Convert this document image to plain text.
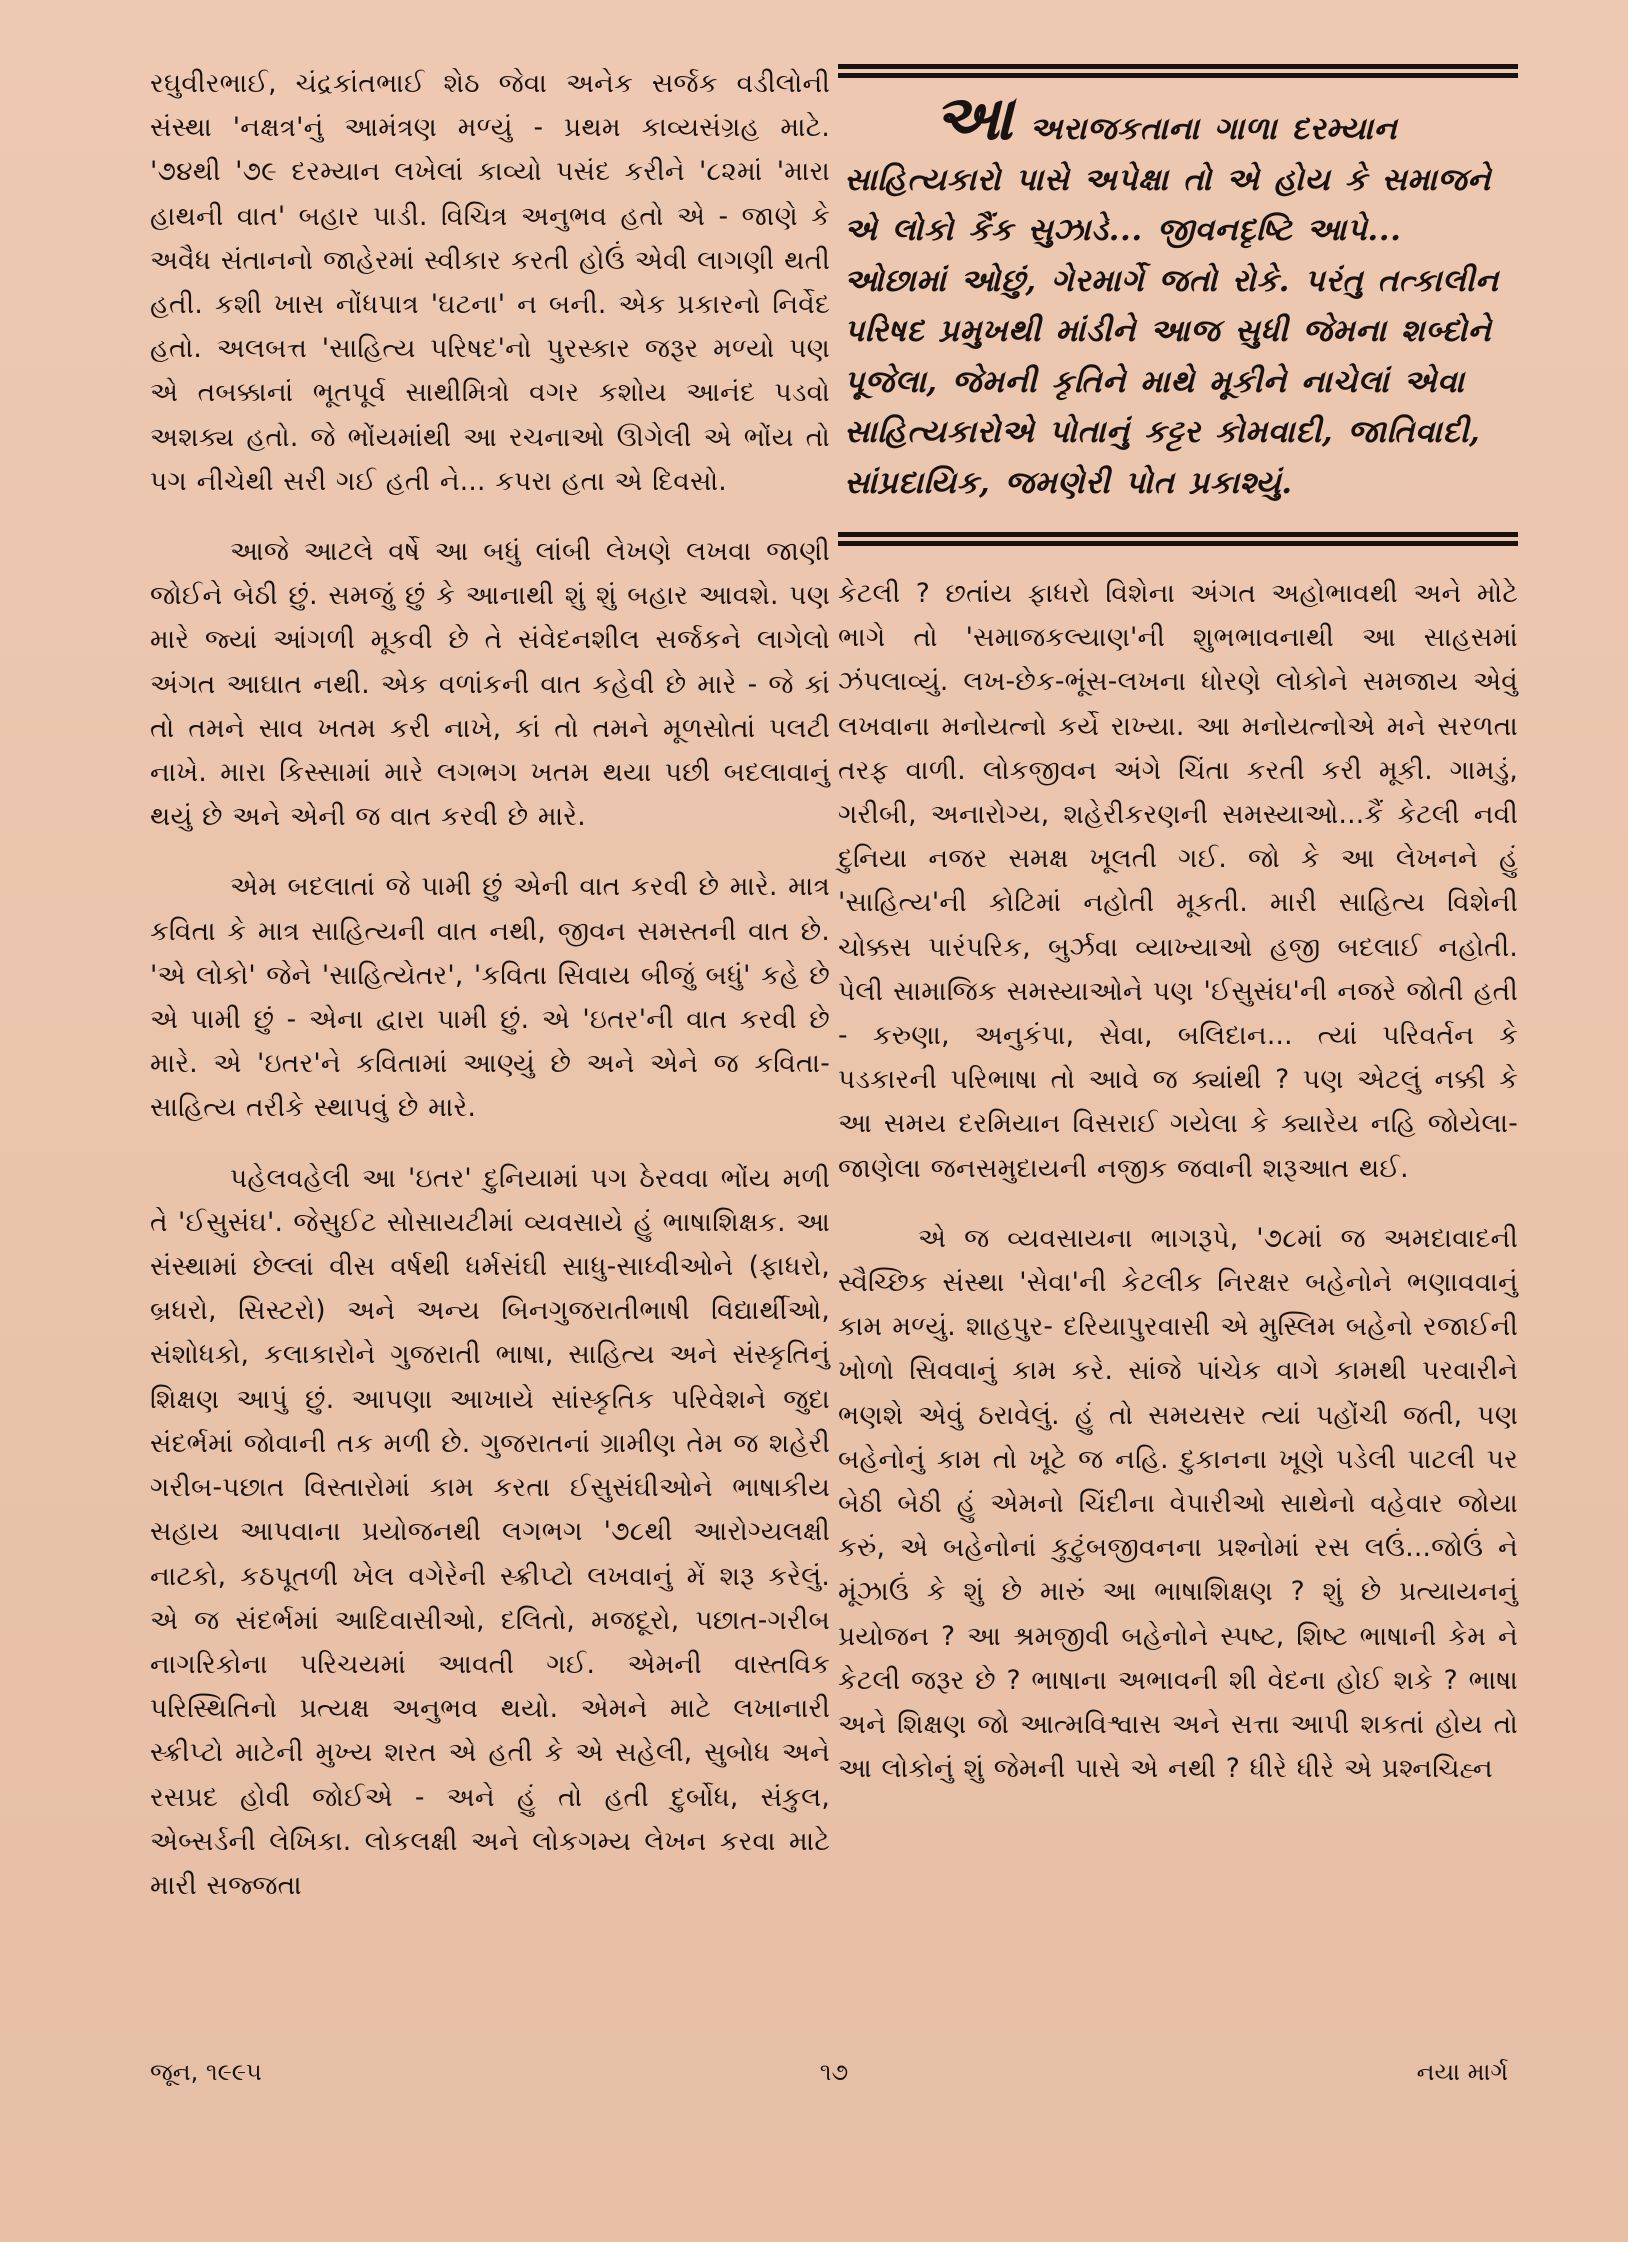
રઘુવીરભાઈ, ચંદ્રકાંતભાઈ શેઠ જેવા અનેક સર્જક વડીલોની સંસ્થા 'નક્ષત્ર'નું આમંત્રણ મળ્યું - પ્રથમ કાવ્યસંગ્રહ માટે. '૭૪થી '૭૯ દરમ્યાન લખેલાં કાવ્યો પસંદ કરીને '૮૨માં 'મારા હાથની વાત' બહાર પાડી. વિચિત્ર અનુભવ હતો એ - જાણે કે અવૈધ સંતાનનો જાહેરમાં સ્વીકાર કરતી હોઉં એવી લાગણી થતી હતી. કશી ખાસ નોંધપાત્ર 'ઘટના' ન બની. એક પ્રકારનો નિર્વેદ હતો. અલબત્ત 'સાહિત્ય પરિષદ'નો પુરસ્કાર જરૂર મળ્યો પણ એ તબક્કાનાં ભૂતપૂર્વ સાથીમિત્રો વગર કશોય આનંદ પડવો અશક્ય હતો. જે ભોંયમાંથી આ રચનાઓ ઊગેલી એ ભોંય તો પગ નીચેથી સરી ગઈ હતી ને... કપરા હતા એ દિવસો.

આજે આટલે વર્ષે આ બધું લાંબી લેખણે લખવા જાણી જોઈને બેઠી છું. સમજું છું કે આનાથી શું શું બહાર આવશે. પણ મારે જ્યાં આંગળી મૂકવી છે તે સંવેદનશીલ સર્જકને લાગેલો અંગત આઘાત નથી. એક વળાંકની વાત કહેવી છે મારે - જે કાં તો તમને સાવ ખતમ કરી નાખે, કાં તો તમને મૂળસોતાં પલટી નાખે. મારા કિસ્સામાં મારે લગભગ ખતમ થયા પછી બદલાવાનું થયું છે અને એની જ વાત કરવી છે મારે.

એમ બદલાતાં જે પામી છું એની વાત કરવી છે મારે. માત્ર કવિતા કે માત્ર સાહિત્યની વાત નથી, જીવન સમસ્તની વાત છે. 'એ લોકો' જેને 'સાહિત્યેતર', 'કવિતા સિવાય બીજું બધું' કહે છે એ પામી છું - એના દ્વારા પામી છું. એ 'ઇતર'ની વાત કરવી છે મારે. એ 'ઇતર'ને કવિતામાં આણ્યું છે અને એને જ કવિતા-સાહિત્ય તરીકે સ્થાપવું છે મારે.

પહેલવહેલી આ 'ઇતર' દુનિયામાં પગ ઠેરવવા ભોંય મળી તે 'ઈસુસંઘ'. જેસુઈટ સોસાયટીમાં વ્યવસાયે હું ભાષાશિક્ષક. આ સંસ્થામાં છેલ્લાં વીસ વર્ષથી ધર્મસંઘી સાધુ-સાધ્વીઓને (ફાધરો, બ્રધરો, સિસ્ટરો) અને અન્ય બિનગુજરાતીભાષી વિદ્યાર્થીઓ, સંશોધકો, કલાકારોને ગુજરાતી ભાષા, સાહિત્ય અને સંસ્કૃતિનું શિક્ષણ આપું છું. આપણા આખાયે સાંસ્કૃતિક પરિવેશને જુદા સંદર્ભમાં જોવાની તક મળી છે. ગુજરાતનાં ગ્રામીણ તેમ જ શહેરી ગરીબ-પછાત વિસ્તારોમાં કામ કરતા ઈસુસંઘીઓને ભાષાકીય સહાય આપવાના પ્રયોજનથી લગભગ '૭૮થી આરોગ્યલક્ષી નાટકો, કઠપૂતળી ખેલ વગેરેની સ્ક્રીપ્ટો લખવાનું મેં શરૂ કરેલું. એ જ સંદર્ભમાં આદિવાસીઓ, દલિતો, મજદૂરો, પછાત-ગરીબ નાગરિકોના પરિચયમાં આવતી ગઈ. એમની વાસ્તવિક પરિસ્થિતિનો પ્રત્યક્ષ અનુભવ થયો. એમને માટે લખાનારી સ્ક્રીપ્ટો માટેની મુખ્ય શરત એ હતી કે એ સહેલી, સુબોધ અને રસપ્રદ હોવી જોઈએ - અને હું તો હતી દુર્બોધ, સંકુલ, એબ્સર્ડની લેખિકા. લોકલક્ષી અને લોકગમ્ય લેખન કરવા માટે મારી સજ્જતા

આઅરાજકતાના ગાળા દરમ્યાન સાહિત્યકારો પાસે અપેક્ષા તો એ હોય કે સમાજને એ લોકો કૈંક સુઝાડે... જીવનદૃષ્ટિ આપે... ઓછામાં ઓછું, ગેરમાર્ગે જતો રોકે. પરંતુ તત્કાલીન પરિષદ પ્રમુખથી માંડીને આજ સુધી જેમના શબ્દોને પૂજેલા, જેમની કૃતિને માથે મૂકીને નાચેલાં એવા સાહિત્યકારોએ પોતાનું કટ્ટર કોમવાદી, જાતિવાદી, સાંપ્રદાયિક, જમણેરી પોત પ્રકાશ્યું.

કેટલી ? છતાંય ફાધરો વિશેના અંગત અહોભાવથી અને મોટે ભાગે તો 'સમાજકલ્યાણ'ની શુભભાવનાથી આ સાહસમાં ઝંપલાવ્યું. લખ-છેક-ભૂંસ-લખના ધોરણે લોકોને સમજાય એવું લખવાના મનોયત્નો કર્યે રાખ્યા. આ મનોયત્નોએ મને સરળતા તરફ વાળી. લોકજીવન અંગે ચિંતા કરતી કરી મૂકી. ગામડું, ગરીબી, અનારોગ્ય, શહેરીકરણની સમસ્યાઓ...કૈં કેટલી નવી દુનિયા નજર સમક્ષ ખૂલતી ગઈ. જો કે આ લેખનને હું 'સાહિત્ય'ની કોટિમાં નહોતી મૂકતી. મારી સાહિત્ય વિશેની ચોક્કસ પારંપરિક, બુર્ઝવા વ્યાખ્યાઓ હજી બદલાઈ નહોતી. પેલી સામાજિક સમસ્યાઓને પણ 'ઈસુસંઘ'ની નજરે જોતી હતી - કરુણા, અનુકંપા, સેવા, બલિદાન... ત્યાં પરિવર્તન કે પડકારની પરિભાષા તો આવે જ ક્યાંથી ? પણ એટલું નક્કી કે આ સમય દરમિયાન વિસરાઈ ગયેલા કે ક્યારેય નહિ જોયેલા-જાણેલા જનસમુદાયની નજીક જવાની શરૂઆત થઈ.

એ જ વ્યવસાયના ભાગરૂપે, '૭૮માં જ અમદાવાદની સ્વૈચ્છિક સંસ્થા 'સેવા'ની કેટલીક નિરક્ષર બહેનોને ભણાવવાનું કામ મળ્યું. શાહપુર- દરિયાપુરવાસી એ મુસ્લિમ બહેનો રજાઈની ખોળો સિવવાનું કામ કરે. સાંજે પાંચેક વાગે કામથી પરવારીને ભણશે એવું ઠરાવેલું. હું તો સમયસર ત્યાં પહોંચી જતી, પણ બહેનોનું કામ તો ખૂટે જ નહિ. દુકાનના ખૂણે પડેલી પાટલી પર બેઠી બેઠી હું એમનો ચિંદીના વેપારીઓ સાથેનો વહેવાર જોયા કરું, એ બહેનોનાં કુટુંબજીવનના પ્રશ્નોમાં રસ લઉં...જોઉં ને મૂંઝાઉં કે શું છે મારું આ ભાષાશિક્ષણ ? શું છે પ્રત્યાયનનું પ્રયોજન ? આ શ્રમજીવી બહેનોને સ્પષ્ટ, શિષ્ટ ભાષાની કેમ ને કેટલી જરૂર છે ? ભાષાના અભાવની શી વેદના હોઈ શકે ? ભાષા અને શિક્ષણ જો આત્મવિશ્વાસ અને સત્તા આપી શકતાં હોય તો આ લોકોનું શું જેમની પાસે એ નથી ? ધીરે ધીરે એ પ્રશ્નચિહ્ન

જૂન, ૧૯૯૫	૧૭	નયા માર્ગ
